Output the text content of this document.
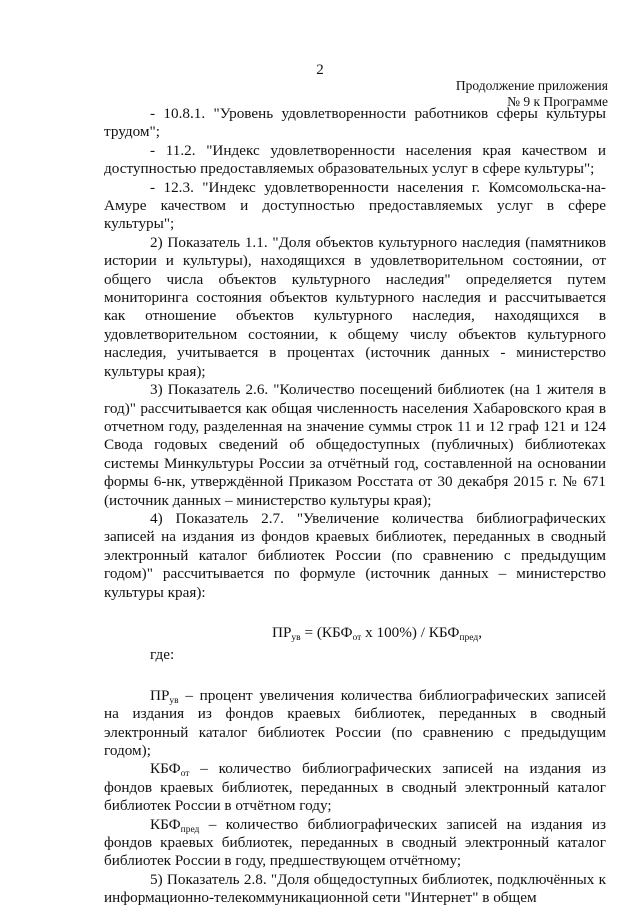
2
Продолжение приложения
№ 9 к Программе

- 10.8.1. "Уровень удовлетворенности работников сферы культуры трудом";

- 11.2. "Индекс удовлетворенности населения края качеством и доступностью предоставляемых образовательных услуг в сфере культуры";

- 12.3. "Индекс удовлетворенности населения г. Комсомольска-на-Амуре качеством и доступностью предоставляемых услуг в сфере культуры";

2) Показатель 1.1. "Доля объектов культурного наследия (памятников истории и культуры), находящихся в удовлетворительном состоянии, от общего числа объектов культурного наследия" определяется путем мониторинга состояния объектов культурного наследия и рассчитывается как отношение объектов культурного наследия, находящихся в удовлетворительном состоянии, к общему числу объектов культурного наследия, учитывается в процентах (источник данных - министерство культуры края);

3) Показатель 2.6. "Количество посещений библиотек (на 1 жителя в год)" рассчитывается как общая численность населения Хабаровского края в отчетном году, разделенная на значение суммы строк 11 и 12 граф 121 и 124 Свода годовых сведений об общедоступных (публичных) библиотеках системы Минкультуры России за отчётный год, составленной на основании формы 6-нк, утверждённой Приказом Росстата от 30 декабря 2015 г. № 671 (источник данных – министерство культуры края);

4) Показатель 2.7. "Увеличение количества библиографических записей на издания из фондов краевых библиотек, переданных в сводный электронный каталог библиотек России (по сравнению с предыдущим годом)" рассчитывается по формуле (источник данных – министерство культуры края):

$ПР_{ув} = (КБФ_{от}$ x $100\%) / КБФ_{пред}$,

где:

$ПР_{ув}$ – процент увеличения количества библиографических записей на издания из фондов краевых библиотек, переданных в сводный электронный каталог библиотек России (по сравнению с предыдущим годом);

$КБФ_{от}$ – количество библиографических записей на издания из фондов краевых библиотек, переданных в сводный электронный каталог библиотек России в отчётном году;

$КБФ_{пред}$ – количество библиографических записей на издания из фондов краевых библиотек, переданных в сводный электронный каталог библиотек России в году, предшествующем отчётному;

5) Показатель 2.8. "Доля общедоступных библиотек, подключённых к информационно-телекоммуникационной сети "Интернет" в общем
